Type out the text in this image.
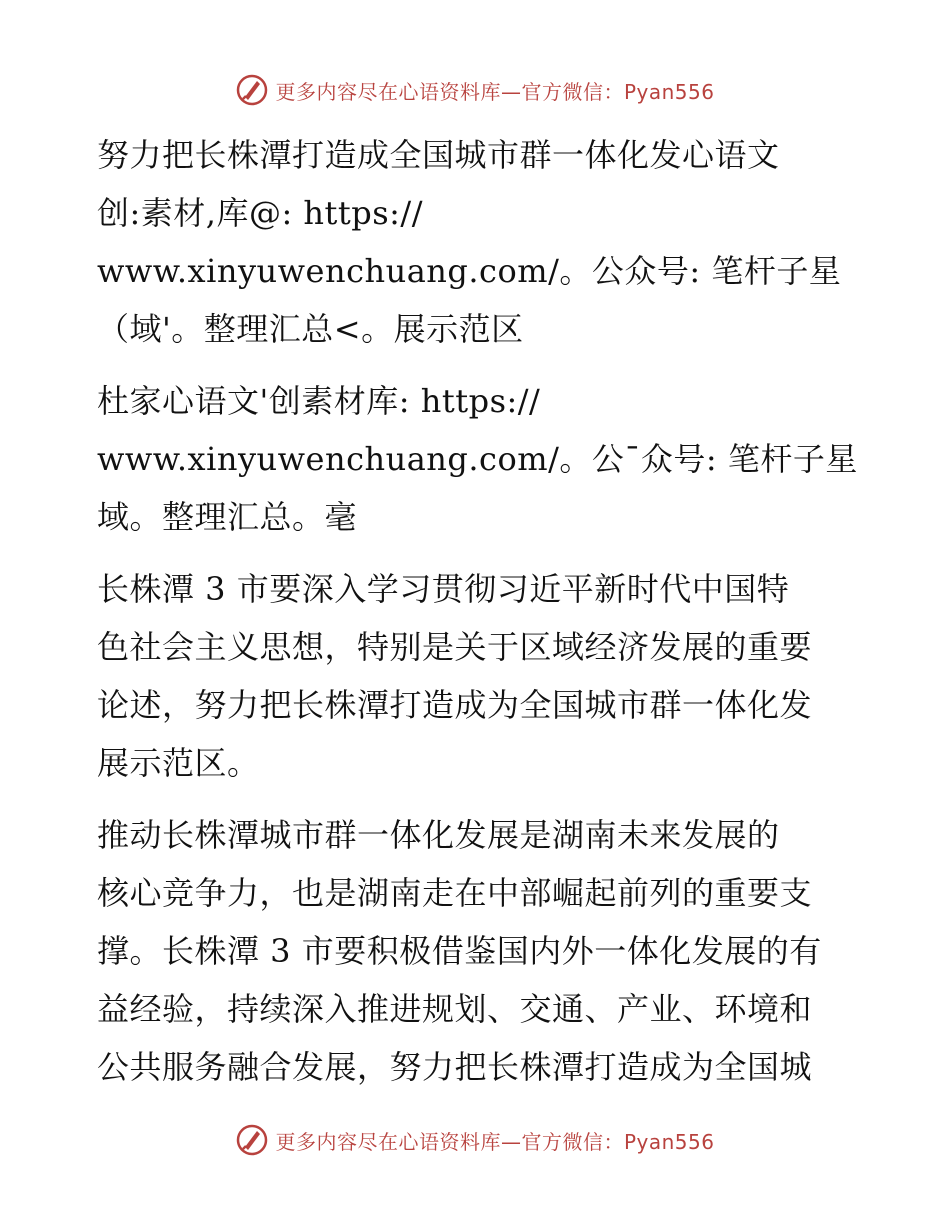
更多内容尽在心语资料库—官方微信：Pyan556

努力把长株潭打造成全国城市群一体化发心语文
创:素材,库@: https://
www.xinyuwenchuang.com/。公众号: 笔杆子星
（域'。整理汇总<。展示范区

杜家心语文'创素材库: https://
www.xinyuwenchuang.com/。公¯众号: 笔杆子星
域。整理汇总。毫

长株潭 3 市要深入学习贯彻习近平新时代中国特
色社会主义思想，特别是关于区域经济发展的重要
论述，努力把长株潭打造成为全国城市群一体化发
展示范区。

推动长株潭城市群一体化发展是湖南未来发展的
核心竞争力，也是湖南走在中部崛起前列的重要支
撑。长株潭 3 市要积极借鉴国内外一体化发展的有
益经验，持续深入推进规划、交通、产业、环境和
公共服务融合发展，努力把长株潭打造成为全国城

更多内容尽在心语资料库—官方微信：Pyan556
